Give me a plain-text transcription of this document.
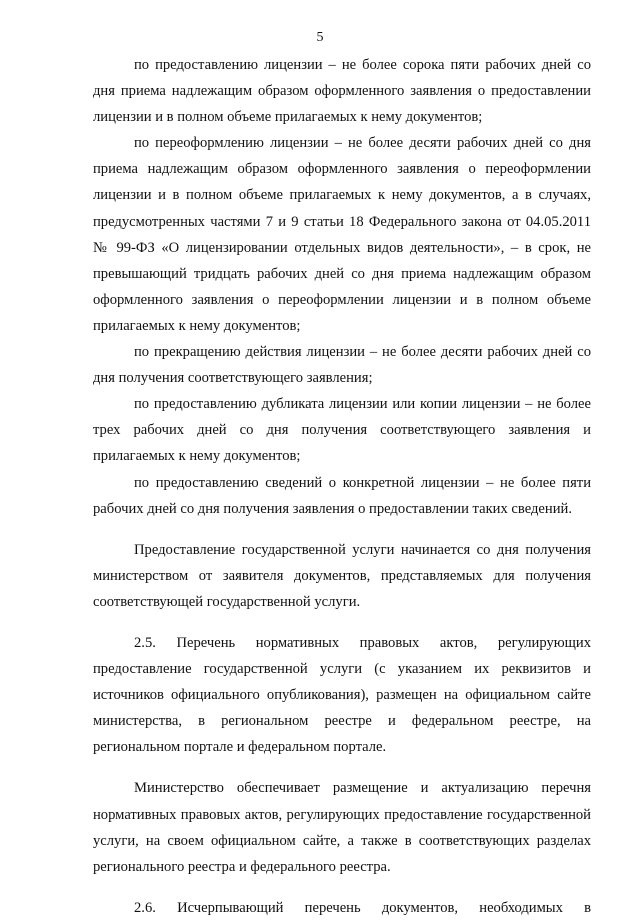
5

по предоставлению лицензии – не более сорока пяти рабочих дней со дня приема надлежащим образом оформленного заявления о предоставлении лицензии и в полном объеме прилагаемых к нему документов;

по переоформлению лицензии – не более десяти рабочих дней со дня приема надлежащим образом оформленного заявления о переоформлении лицензии и в полном объеме прилагаемых к нему документов, а в случаях, предусмотренных частями 7 и 9 статьи 18 Федерального закона от 04.05.2011 № 99-ФЗ «О лицензировании отдельных видов деятельности», – в срок, не превышающий тридцать рабочих дней со дня приема надлежащим образом оформленного заявления о переоформлении лицензии и в полном объеме прилагаемых к нему документов;

по прекращению действия лицензии – не более десяти рабочих дней со дня получения соответствующего заявления;

по предоставлению дубликата лицензии или копии лицензии – не более трех рабочих дней со дня получения соответствующего заявления и прилагаемых к нему документов;

по предоставлению сведений о конкретной лицензии – не более пяти рабочих дней со дня получения заявления о предоставлении таких сведений.

Предоставление государственной услуги начинается со дня получения министерством от заявителя документов, представляемых для получения соответствующей государственной услуги.

2.5. Перечень нормативных правовых актов, регулирующих предоставление государственной услуги (с указанием их реквизитов и источников официального опубликования), размещен на официальном сайте министерства, в региональном реестре и федеральном реестре, на региональном портале и федеральном портале.

Министерство обеспечивает размещение и актуализацию перечня нормативных правовых актов, регулирующих предоставление государственной услуги, на своем официальном сайте, а также в соответствующих разделах регионального реестра и федерального реестра.

2.6. Исчерпывающий перечень документов, необходимых в
